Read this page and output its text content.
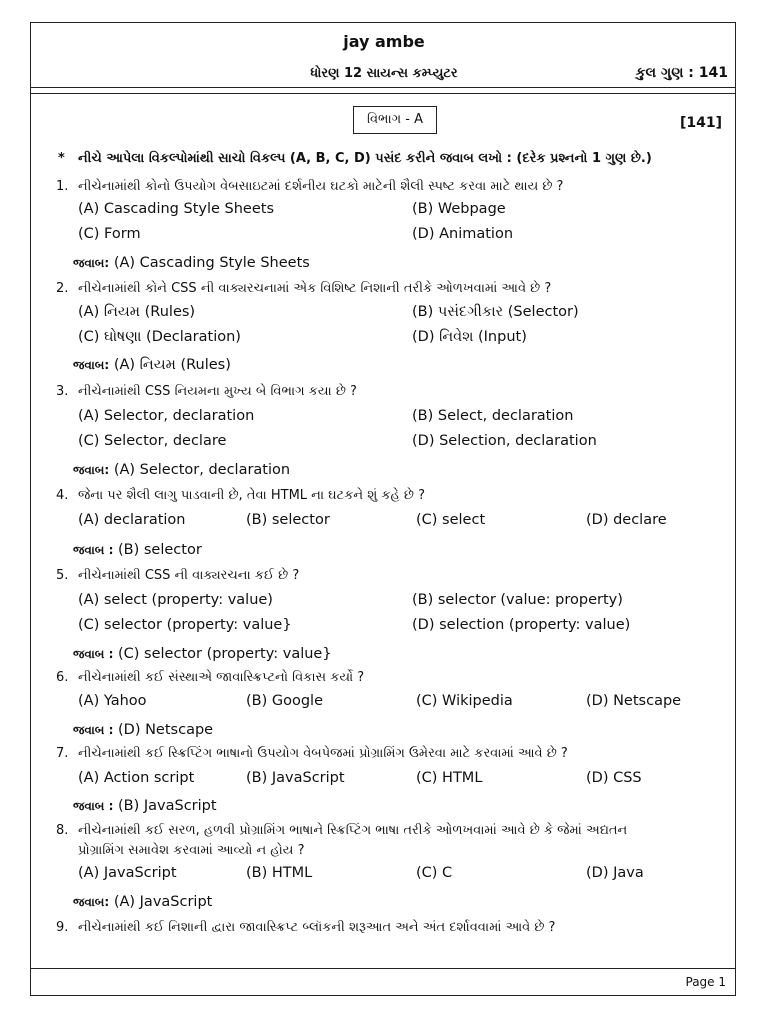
jay ambe
ધોરણ 12 સાયન્સ કમ્પ્યુટર	કુલ ગુણ : 141
વિભાગ - A	[141]
* નીચે આપેલા વિકલ્પોમાંથી સાચો વિકલ્પ (A, B, C, D) પસંદ કરીને જવાબ લખો : (દરેક પ્રશ્નનો 1 ગુણ છે.)
1. નીચેનામાંથી કોનો ઉપયોગ વેબસાઇટમાં દર્શનીય ઘટકો માટેની શૈલી સ્પષ્ટ કરવા માટે થાય છે ?
(A) Cascading Style Sheets	(B) Webpage
(C) Form	(D) Animation
જવાબ: (A) Cascading Style Sheets
2. નીચેનામાંથી કોને CSS ની વાક્યરચનામાં એક વિશિષ્ટ નિશાની તરીકે ઓળખવામાં આવે છે ?
(A) નિયમ (Rules)	(B) પસંદગીકાર (Selector)
(C) ઘોષણા (Declaration)	(D) નિવેશ (Input)
જવાબ: (A) નિયમ (Rules)
3. નીચેનામાંથી CSS નિયમના મુખ્ય બે વિભાગ કયા છે ?
(A) Selector, declaration	(B) Select, declaration
(C) Selector, declare	(D) Selection, declaration
જવાબ: (A) Selector, declaration
4. જેના પર શૈલી લાગુ પાડવાની છે, તેવા HTML ના ઘટકને શું કહે છે ?
(A) declaration	(B) selector	(C) select	(D) declare
જવાબ : (B) selector
5. નીચેનામાંથી CSS ની વાક્યરચના કઈ છે ?
(A) select (property: value)	(B) selector (value: property)
(C) selector (property: value}	(D) selection (property: value)
જવાબ : (C) selector (property: value}
6. નીચેનામાંથી કઈ સંસ્થાએ જાવાસ્ક્રિપ્ટનો વિકાસ કર્યો ?
(A) Yahoo	(B) Google	(C) Wikipedia	(D) Netscape
જવાબ : (D) Netscape
7. નીચેનામાંથી કઈ સ્ક્રિપ્ટિંગ ભાષાનો ઉપયોગ વેબપેજમાં પ્રોગ્રામિંગ ઉમેરવા માટે કરવામાં આવે છે ?
(A) Action script	(B) JavaScript	(C) HTML	(D) CSS
જવાબ : (B) JavaScript
8. નીચેનામાંથી કઈ સરળ, હળવી પ્રોગ્રામિંગ ભાષાને સ્ક્રિપ્ટિંગ ભાષા તરીકે ઓળખવામાં આવે છે કે જેમાં અદ્યતન
પ્રોગ્રામિંગ સમાવેશ કરવામાં આવ્યો ન હોય ?
(A) JavaScript	(B) HTML	(C) C	(D) Java
જવાબ: (A) JavaScript
9. નીચેનામાંથી કઈ નિશાની દ્વારા જાવાસ્ક્રિપ્ટ બ્લૉકની શરૂઆત અને અંત દર્શાવવામાં આવે છે ?
Page 1
